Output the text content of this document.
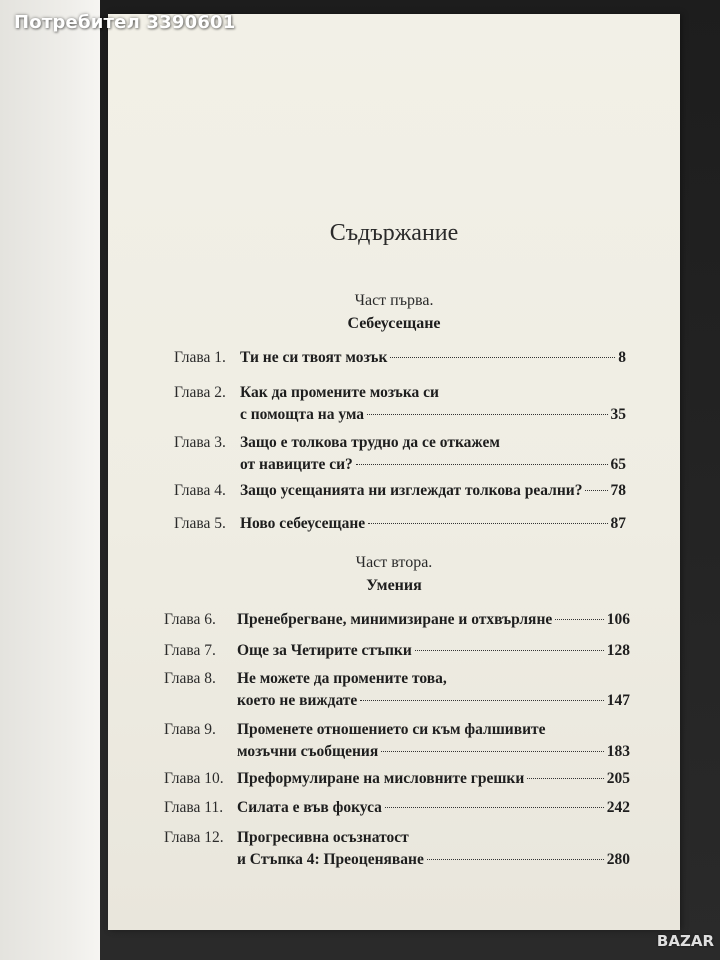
Потребител 3390601
BAZAR
Съдържание
Част първа.
Себеусещане
Част втора.
Умения
Глава 1. Ти не си твоят мозък	8
Глава 2. Как да промените мозъка си
с помощта на ума	35
Глава 3. Защо е толкова трудно да се откажем
от навиците си?	65
Глава 4. Защо усещанията ни изглеждат толкова реални? 78
Глава 5. Ново себеусещане	87
Глава 6. Пренебрегване, минимизиране и отхвърляне	106
Глава 7. Още за Четирите стъпки	128
Глава 8. Не можете да промените това,
което не виждате	147
Глава 9. Променете отношението си към фалшивите
мозъчни съобщения	183
Глава 10. Преформулиране на мисловните грешки	205
Глава 11. Силата е във фокуса	242
Глава 12. Прогресивна осъзнатост
и Стъпка 4: Преоценяване	280
